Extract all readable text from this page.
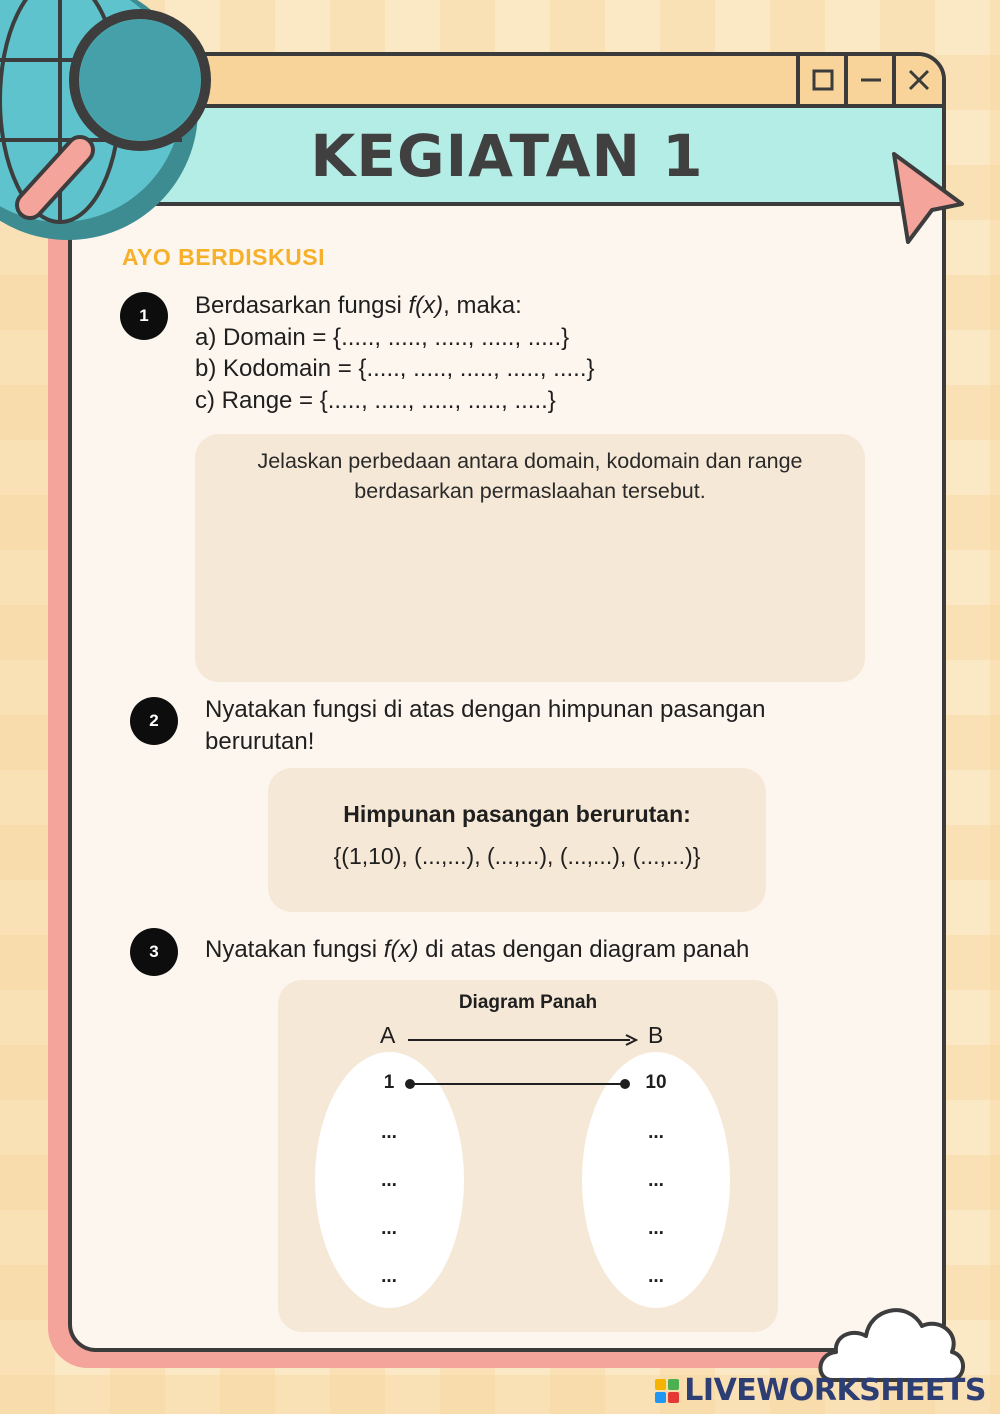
KEGIATAN 1
AYO BERDISKUSI
1	Berdasarkan fungsi f(x), maka:

a) Domain = {....., ....., ....., ....., .....}

b) Kodomain = {....., ....., ....., ....., .....}

c) Range = {....., ....., ....., ....., .....}

Jelaskan perbedaan antara domain, kodomain dan range berdasarkan permaslaahan tersebut.

2	Nyatakan fungsi di atas dengan himpunan pasangan berurutan!

Himpunan pasangan berurutan:

{(1,10), (...,...), (...,...), (...,...), (...,...)}

3	Nyatakan fungsi f(x) di atas dengan diagram panah

Diagram Panah
A	B
1
...
...
...
...
10
...
...
...
...
LIVEWORKSHEETS
